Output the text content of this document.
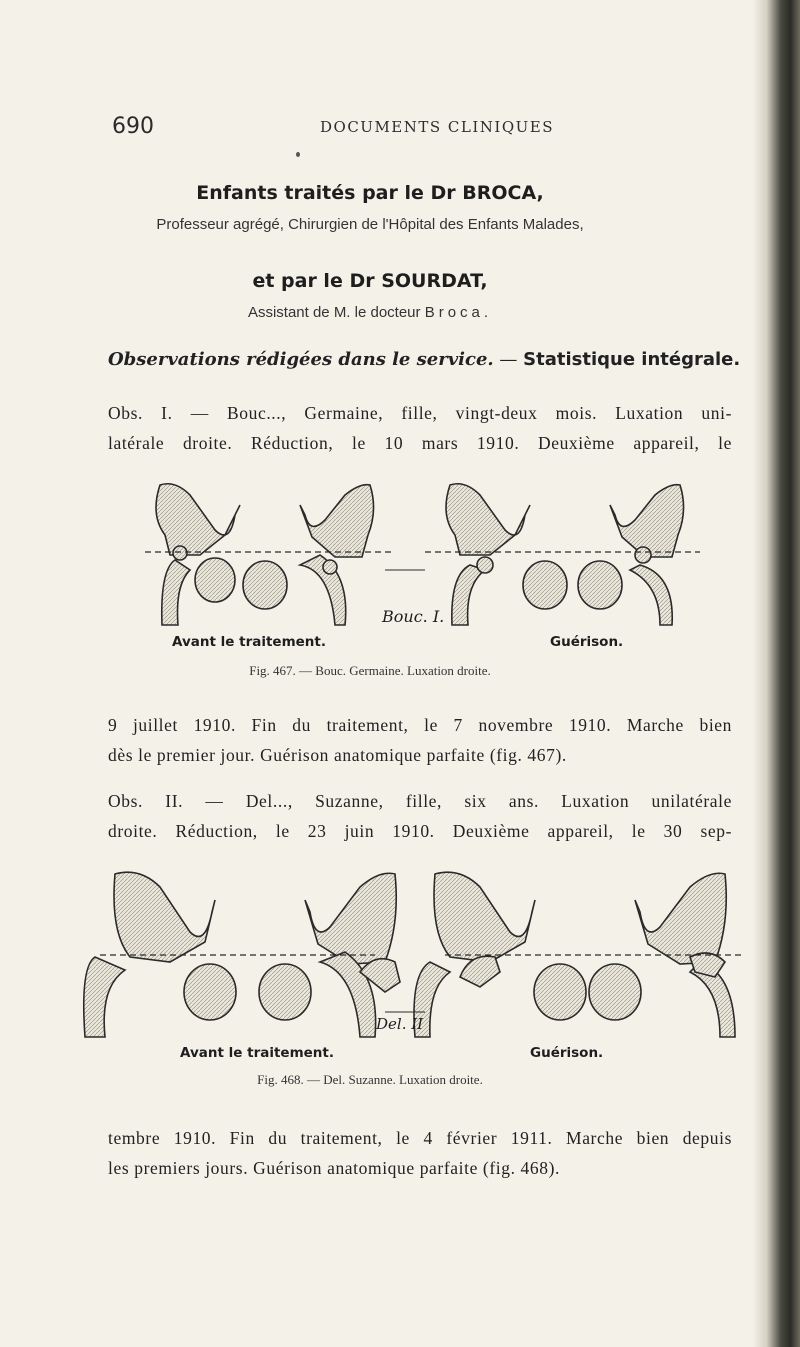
690	DOCUMENTS CLINIQUES
Enfants traités par le Dr BROCA,
Professeur agrégé, Chirurgien de l'Hôpital des Enfants Malades,
et par le Dr SOURDAT,
Assistant de M. le docteur Broca.
Observations rédigées dans le service. — Statistique intégrale.
Obs. I. — Bouc..., Germaine, fille, vingt-deux mois. Luxation uni-
latérale droite. Réduction, le 10 mars 1910. Deuxième appareil, le
Bouc. I.
Avant le traitement.	Guérison.
Fig. 467. — Bouc. Germaine. Luxation droite.
9 juillet 1910. Fin du traitement, le 7 novembre 1910. Marche bien
dès le premier jour. Guérison anatomique parfaite (fig. 467).
Obs. II. — Del..., Suzanne, fille, six ans. Luxation unilatérale
droite. Réduction, le 23 juin 1910. Deuxième appareil, le 30 sep-
Del. II
Avant le traitement.	Guérison.
Fig. 468. — Del. Suzanne. Luxation droite.
tembre 1910. Fin du traitement, le 4 février 1911. Marche bien depuis
les premiers jours. Guérison anatomique parfaite (fig. 468).
